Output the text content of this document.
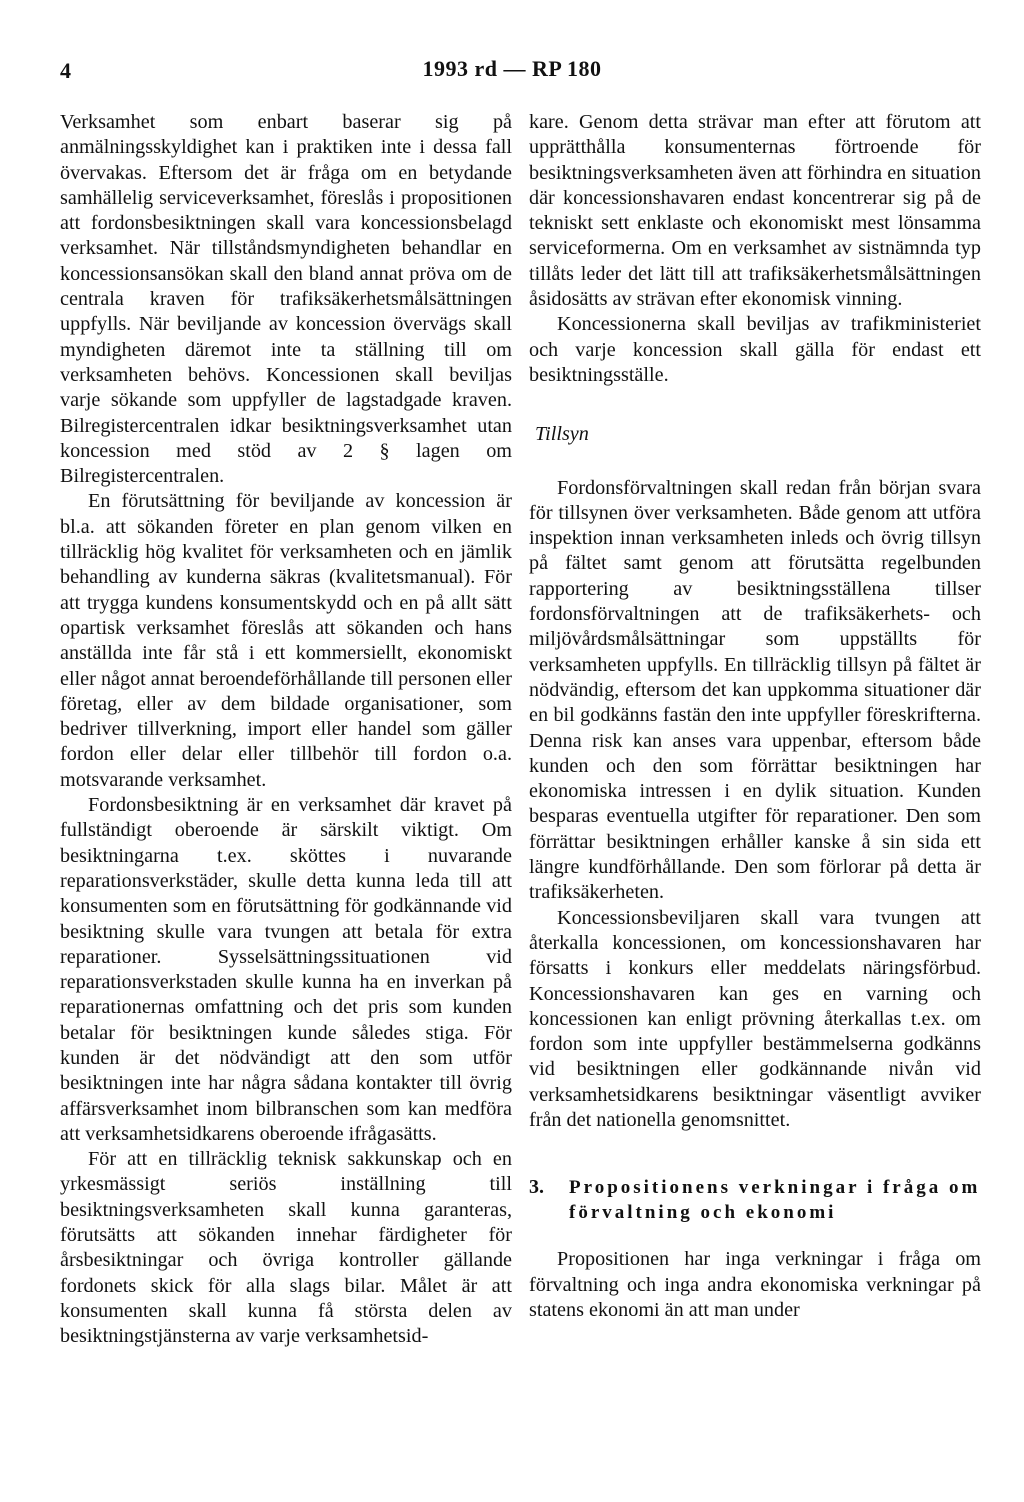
4	1993 rd — RP 180

Verksamhet som enbart baserar sig på anmälningsskyldighet kan i praktiken inte i dessa fall övervakas. Eftersom det är fråga om en betydande samhällelig serviceverksamhet, föreslås i propositionen att fordonsbesiktningen skall vara koncessionsbelagd verksamhet. När tillståndsmyndigheten behandlar en koncessionsansökan skall den bland annat pröva om de centrala kraven för trafiksäkerhetsmålsättningen uppfylls. När beviljande av koncession övervägs skall myndigheten däremot inte ta ställning till om verksamheten behövs. Koncessionen skall beviljas varje sökande som uppfyller de lagstadgade kraven. Bilregistercentralen idkar besiktningsverksamhet utan koncession med stöd av 2 § lagen om Bilregistercentralen.

En förutsättning för beviljande av koncession är bl.a. att sökanden företer en plan genom vilken en tillräcklig hög kvalitet för verksamheten och en jämlik behandling av kunderna säkras (kvalitetsmanual). För att trygga kundens konsumentskydd och en på allt sätt opartisk verksamhet föreslås att sökanden och hans anställda inte får stå i ett kommersiellt, ekonomiskt eller något annat beroendeförhållande till personen eller företag, eller av dem bildade organisationer, som bedriver tillverkning, import eller handel som gäller fordon eller delar eller tillbehör till fordon o.a. motsvarande verksamhet.

Fordonsbesiktning är en verksamhet där kravet på fullständigt oberoende är särskilt viktigt. Om besiktningarna t.ex. sköttes i nuvarande reparationsverkstäder, skulle detta kunna leda till att konsumenten som en förutsättning för godkännande vid besiktning skulle vara tvungen att betala för extra reparationer. Sysselsättningssituationen vid reparationsverkstaden skulle kunna ha en inverkan på reparationernas omfattning och det pris som kunden betalar för besiktningen kunde således stiga. För kunden är det nödvändigt att den som utför besiktningen inte har några sådana kontakter till övrig affärsverksamhet inom bilbranschen som kan medföra att verksamhetsidkarens oberoende ifrågasätts.

För att en tillräcklig teknisk sakkunskap och en yrkesmässigt seriös inställning till besiktningsverksamheten skall kunna garanteras, förutsätts att sökanden innehar färdigheter för årsbesiktningar och övriga kontroller gällande fordonets skick för alla slags bilar. Målet är att konsumenten skall kunna få största delen av besiktningstjänsterna av varje verksamhetsid-

kare. Genom detta strävar man efter att förutom att upprätthålla konsumenternas förtroende för besiktningsverksamheten även att förhindra en situation där koncessionshavaren endast koncentrerar sig på de tekniskt sett enklaste och ekonomiskt mest lönsamma serviceformerna. Om en verksamhet av sistnämnda typ tillåts leder det lätt till att trafiksäkerhetsmålsättningen åsidosätts av strävan efter ekonomisk vinning.

Koncessionerna skall beviljas av trafikministeriet och varje koncession skall gälla för endast ett besiktningsställe.

Tillsyn

Fordonsförvaltningen skall redan från början svara för tillsynen över verksamheten. Både genom att utföra inspektion innan verksamheten inleds och övrig tillsyn på fältet samt genom att förutsätta regelbunden rapportering av besiktningsställena tillser fordonsförvaltningen att de trafiksäkerhets- och miljövårdsmålsättningar som uppställts för verksamheten uppfylls. En tillräcklig tillsyn på fältet är nödvändig, eftersom det kan uppkomma situationer där en bil godkänns fastän den inte uppfyller föreskrifterna. Denna risk kan anses vara uppenbar, eftersom både kunden och den som förrättar besiktningen har ekonomiska intressen i en dylik situation. Kunden besparas eventuella utgifter för reparationer. Den som förrättar besiktningen erhåller kanske å sin sida ett längre kundförhållande. Den som förlorar på detta är trafiksäkerheten.

Koncessionsbeviljaren skall vara tvungen att återkalla koncessionen, om koncessionshavaren har försatts i konkurs eller meddelats näringsförbud. Koncessionshavaren kan ges en varning och koncessionen kan enligt prövning återkallas t.ex. om fordon som inte uppfyller bestämmelserna godkänns vid besiktningen eller godkännande nivån vid verksamhetsidkarens besiktningar väsentligt avviker från det nationella genomsnittet.

3.	Propositionens verkningar i fråga om förvaltning och ekonomi

Propositionen har inga verkningar i fråga om förvaltning och inga andra ekonomiska verkningar på statens ekonomi än att man under
